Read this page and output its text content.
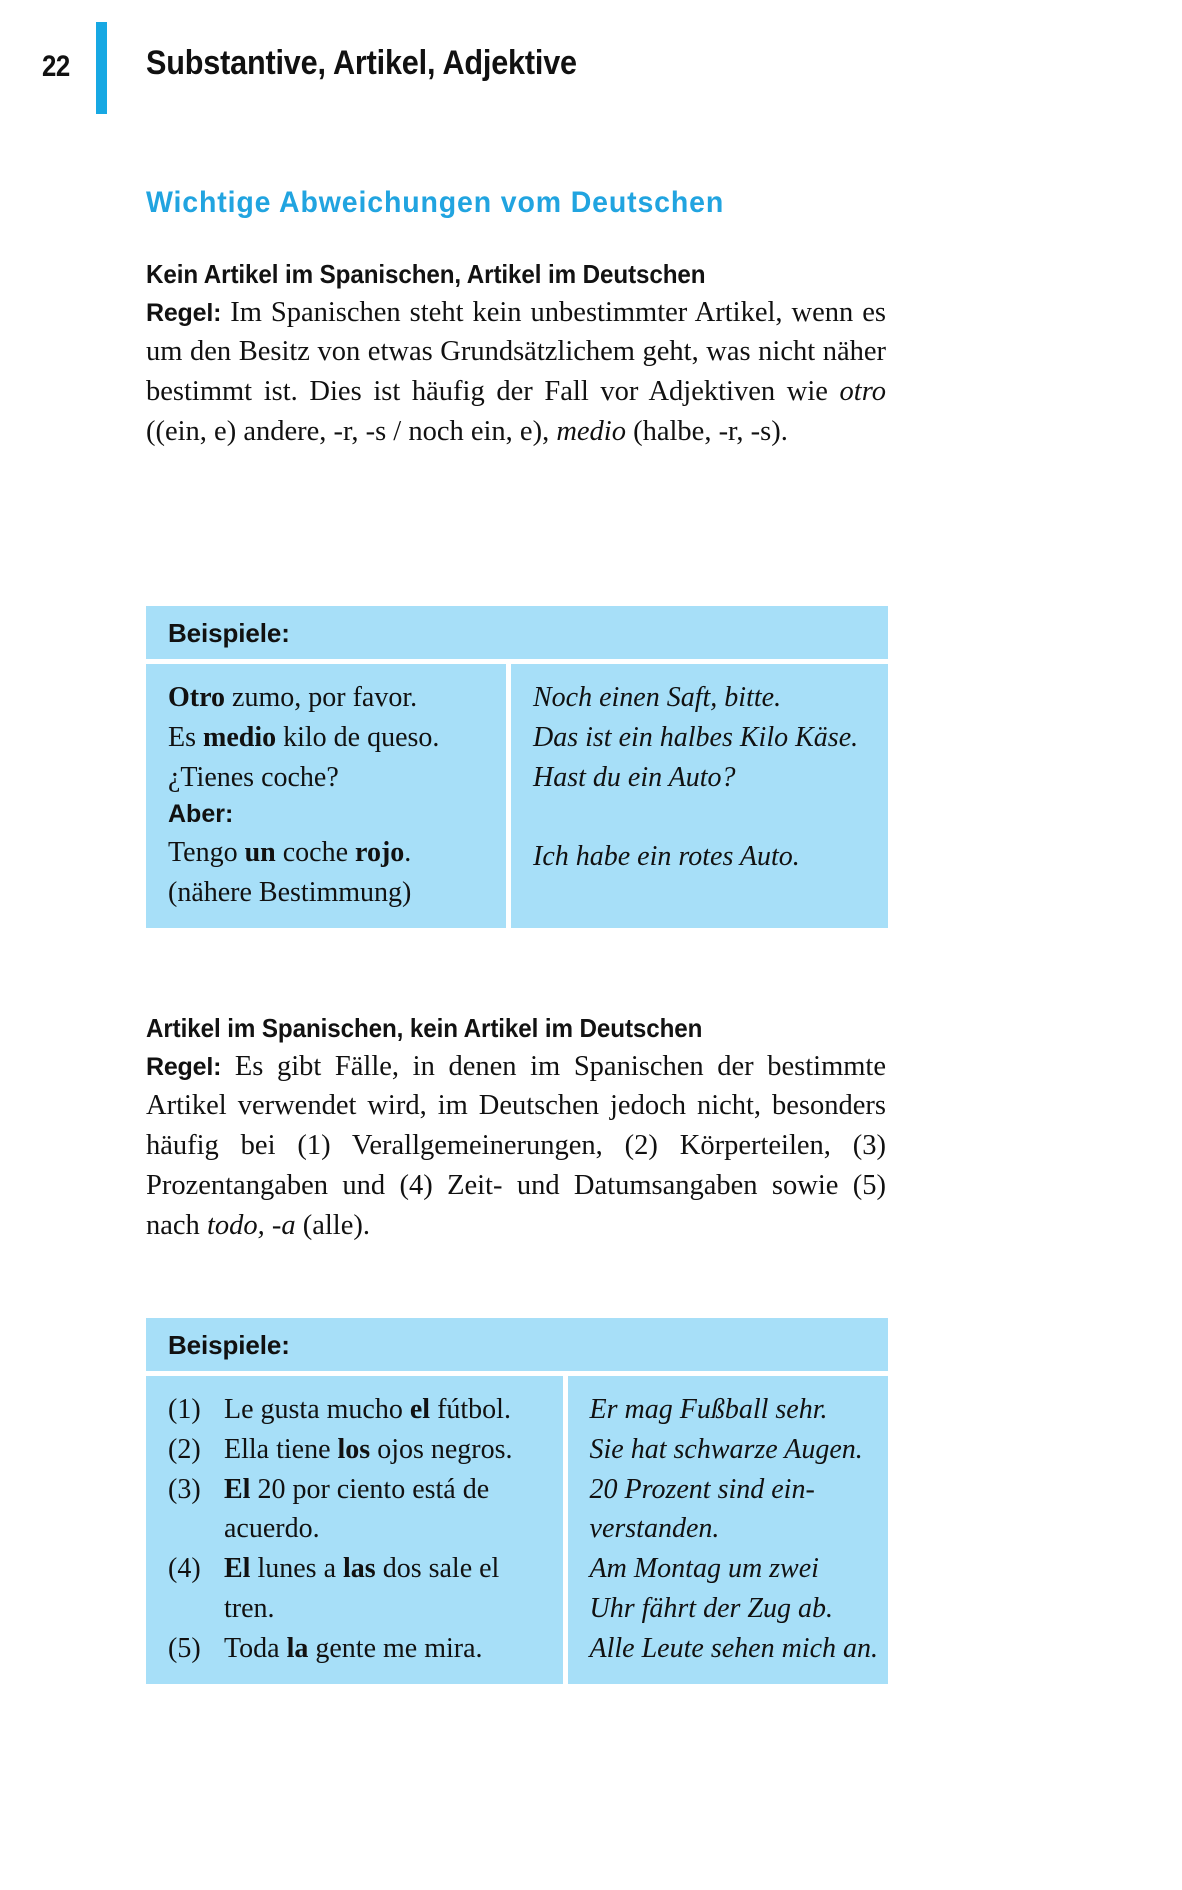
22	Substantive, Artikel, Adjektive
Wichtige Abweichungen vom Deutschen
Kein Artikel im Spanischen, Artikel im Deutschen

Regel: Im Spanischen steht kein unbestimmter Artikel, wenn es um den Besitz von etwas Grundsätzlichem geht, was nicht näher bestimmt ist. Dies ist häufig der Fall vor Adjektiven wie otro ((ein, e) andere, -r, -s / noch ein, e), medio (halbe, -r, -s).

Beispiele:
Otro zumo, por favor.
Es medio kilo de queso.
¿Tienes coche?
Aber:
Tengo un coche rojo.
(nähere Bestimmung)
Noch einen Saft, bitte.
Das ist ein halbes Kilo Käse.
Hast du ein Auto?
Ich habe ein rotes Auto.
Artikel im Spanischen, kein Artikel im Deutschen

Regel: Es gibt Fälle, in denen im Spanischen der bestimmte Artikel verwendet wird, im Deutschen jedoch nicht, besonders häufig bei (1) Verallgemeinerungen, (2) Körperteilen, (3) Prozentangaben und (4) Zeit- und Datumsangaben sowie (5) nach todo, -a (alle).

Beispiele:
(1) Le gusta mucho el fútbol.
(2) Ella tiene los ojos negros.
(3) El 20 por ciento está de acuerdo.
(4) El lunes a las dos sale el tren.
(5) Toda la gente me mira.
Er mag Fußball sehr.
Sie hat schwarze Augen.
20 Prozent sind ein-
verstanden.
Am Montag um zwei
Uhr fährt der Zug ab.
Alle Leute sehen mich an.
